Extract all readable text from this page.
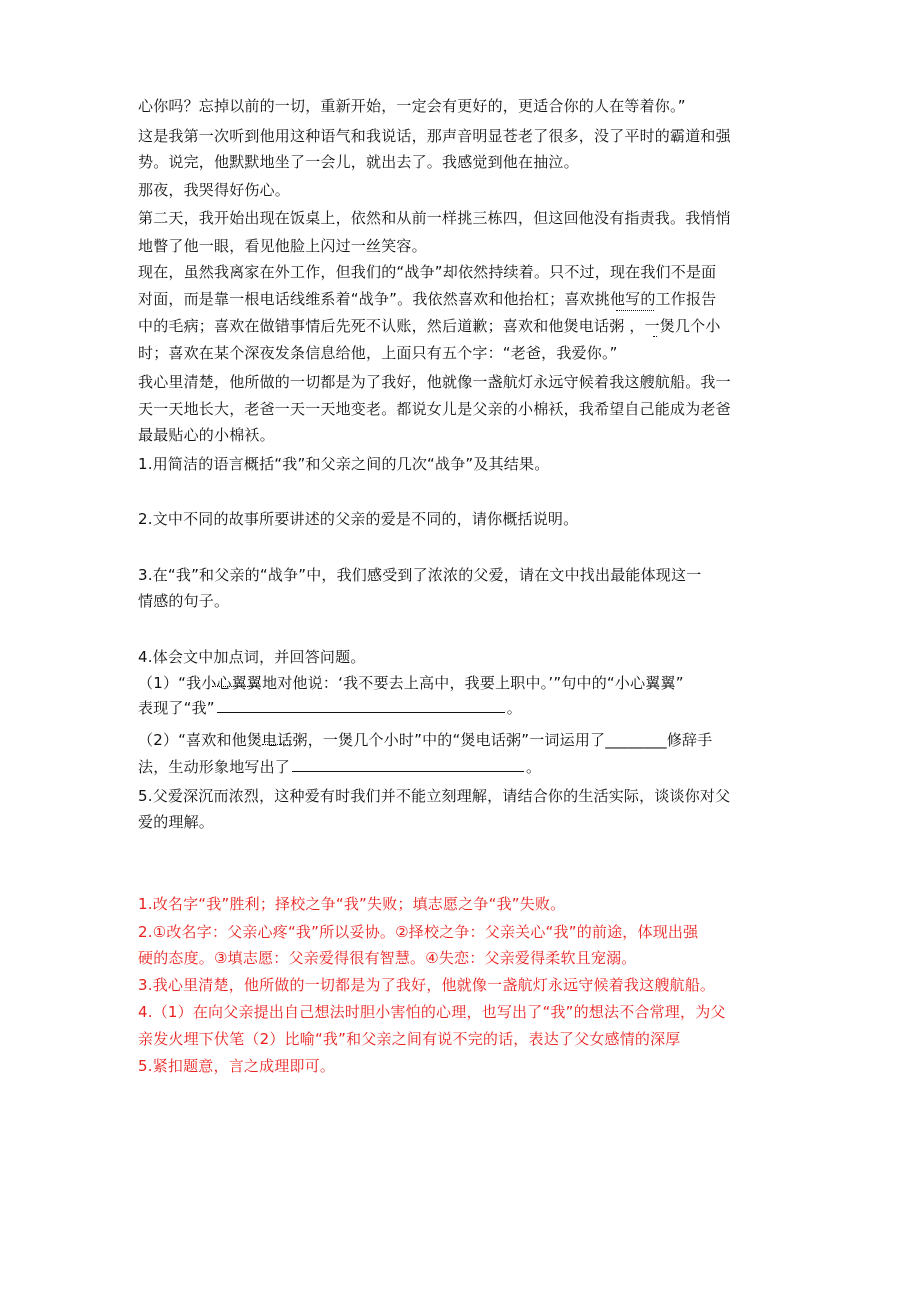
心你吗？忘掉以前的一切，重新开始，一定会有更好的，更适合你的人在等着你。”
这是我第一次听到他用这种语气和我说话，那声音明显苍老了很多，没了平时的霸道和强
势。说完，他默默地坐了一会儿，就出去了。我感觉到他在抽泣。
那夜，我哭得好伤心。
第二天，我开始出现在饭桌上，依然和从前一样挑三栋四，但这回他没有指责我。我悄悄
地瞥了他一眼，看见他脸上闪过一丝笑容。
现在，虽然我离家在外工作，但我们的“战争”却依然持续着。只不过，现在我们不是面
对面，而是靠一根电话线维系着“战争”。我依然喜欢和他抬杠；喜欢挑他写的工作报告
中的毛病；喜欢在做错事情后先死不认账，然后道歉；喜欢和他煲电话粥 ，一煲几个小
时；喜欢在某个深夜发条信息给他，上面只有五个字：“老爸，我爱你。”
我心里清楚，他所做的一切都是为了我好，他就像一盏航灯永远守候着我这艘航船。我一
天一天地长大，老爸一天一天地变老。都说女儿是父亲的小棉袄，我希望自己能成为老爸
最最贴心的小棉袄。
1.用简洁的语言概括“我”和父亲之间的几次“战争”及其结果。
2.文中不同的故事所要讲述的父亲的爱是不同的，请你概括说明。
3.在“我”和父亲的“战争”中，我们感受到了浓浓的父爱，请在文中找出最能体现这一
情感的句子。
4.体会文中加点词，并回答问题。
（1）“我小心翼翼地对他说：‘我不要去上高中，我要上职中。’”句中的“小心翼翼”
表现了“我”	。
（2）“喜欢和他煲电话粥，一煲几个小时”中的“煲电话粥”一词运用了________修辞手
法，生动形象地写出了	。
5.父爱深沉而浓烈，这种爱有时我们并不能立刻理解，请结合你的生活实际，谈谈你对父
爱的理解。
1.改名字“我”胜利；择校之争“我”失败；填志愿之争“我”失败。
2.①改名字：父亲心疼“我”所以妥协。②择校之争：父亲关心“我”的前途，体现出强
硬的态度。③填志愿：父亲爱得很有智慧。④失恋：父亲爱得柔软且宠溺。
3.我心里清楚，他所做的一切都是为了我好，他就像一盏航灯永远守候着我这艘航船。
4.（1）在向父亲提出自己想法时胆小害怕的心理，也写出了“我”的想法不合常理，为父
亲发火埋下伏笔（2）比喻“我”和父亲之间有说不完的话，表达了父女感情的深厚
5.紧扣题意，言之成理即可。
